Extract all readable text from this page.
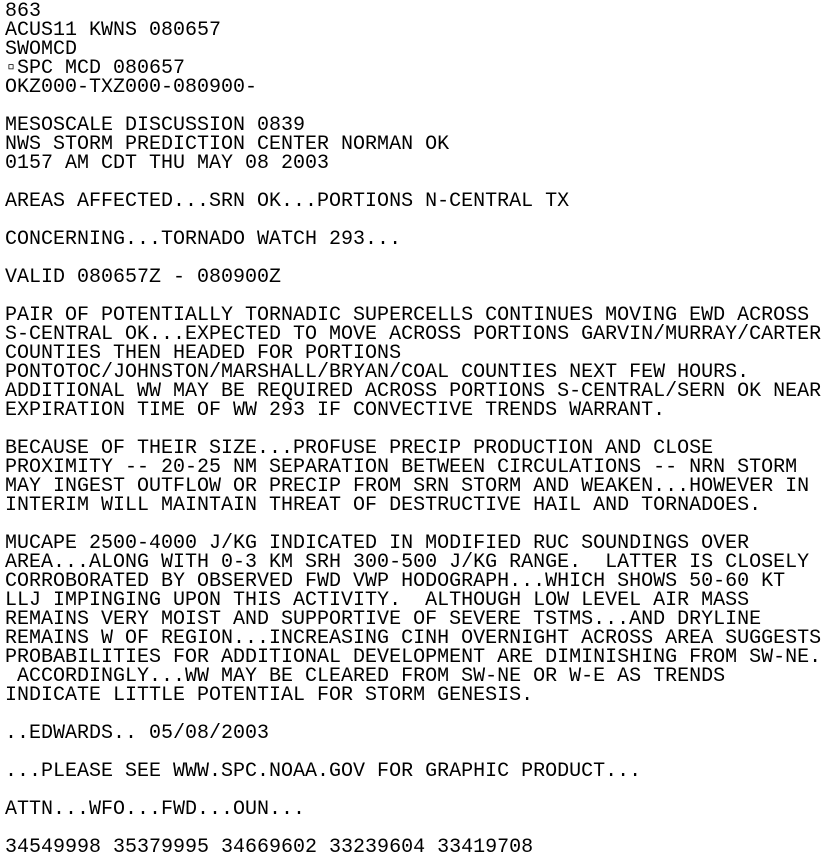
863
ACUS11 KWNS 080657
SWOMCD
▫SPC MCD 080657
OKZ000-TXZ000-080900-
MESOSCALE DISCUSSION 0839
NWS STORM PREDICTION CENTER NORMAN OK
0157 AM CDT THU MAY 08 2003
AREAS AFFECTED...SRN OK...PORTIONS N-CENTRAL TX
CONCERNING...TORNADO WATCH 293...
VALID 080657Z - 080900Z
PAIR OF POTENTIALLY TORNADIC SUPERCELLS CONTINUES MOVING EWD ACROSS
S-CENTRAL OK...EXPECTED TO MOVE ACROSS PORTIONS GARVIN/MURRAY/CARTER
COUNTIES THEN HEADED FOR PORTIONS
PONTOTOC/JOHNSTON/MARSHALL/BRYAN/COAL COUNTIES NEXT FEW HOURS.
ADDITIONAL WW MAY BE REQUIRED ACROSS PORTIONS S-CENTRAL/SERN OK NEAR
EXPIRATION TIME OF WW 293 IF CONVECTIVE TRENDS WARRANT.
BECAUSE OF THEIR SIZE...PROFUSE PRECIP PRODUCTION AND CLOSE
PROXIMITY -- 20-25 NM SEPARATION BETWEEN CIRCULATIONS -- NRN STORM
MAY INGEST OUTFLOW OR PRECIP FROM SRN STORM AND WEAKEN...HOWEVER IN
INTERIM WILL MAINTAIN THREAT OF DESTRUCTIVE HAIL AND TORNADOES.
MUCAPE 2500-4000 J/KG INDICATED IN MODIFIED RUC SOUNDINGS OVER
AREA...ALONG WITH 0-3 KM SRH 300-500 J/KG RANGE.  LATTER IS CLOSELY
CORROBORATED BY OBSERVED FWD VWP HODOGRAPH...WHICH SHOWS 50-60 KT
LLJ IMPINGING UPON THIS ACTIVITY.  ALTHOUGH LOW LEVEL AIR MASS
REMAINS VERY MOIST AND SUPPORTIVE OF SEVERE TSTMS...AND DRYLINE
REMAINS W OF REGION...INCREASING CINH OVERNIGHT ACROSS AREA SUGGESTS
PROBABILITIES FOR ADDITIONAL DEVELOPMENT ARE DIMINISHING FROM SW-NE.
ACCORDINGLY...WW MAY BE CLEARED FROM SW-NE OR W-E AS TRENDS
INDICATE LITTLE POTENTIAL FOR STORM GENESIS.
..EDWARDS.. 05/08/2003
...PLEASE SEE WWW.SPC.NOAA.GOV FOR GRAPHIC PRODUCT...
ATTN...WFO...FWD...OUN...
34549998 35379995 34669602 33239604 33419708
